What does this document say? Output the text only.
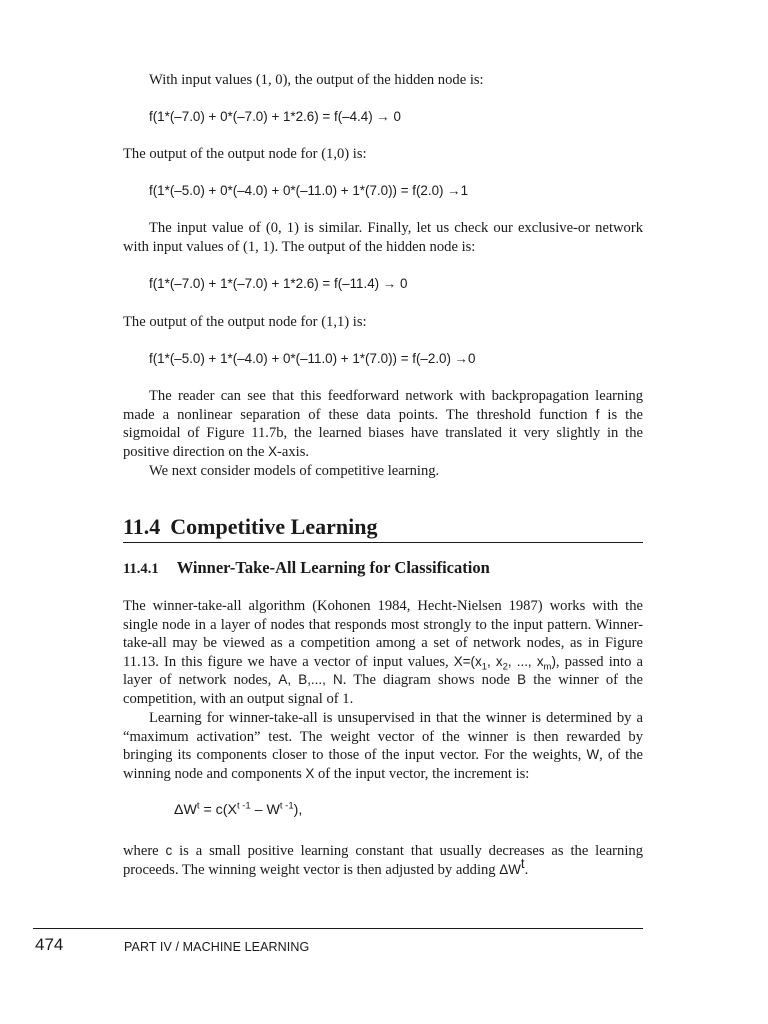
With input values (1, 0), the output of the hidden node is:

f(1*(–7.0) + 0*(–7.0) + 1*2.6) = f(–4.4) → 0

The output of the output node for (1,0) is:

f(1*(–5.0) + 0*(–4.0) + 0*(–11.0) + 1*(7.0)) = f(2.0) →1

The input value of (0, 1) is similar. Finally, let us check our exclusive-or network with input values of (1, 1). The output of the hidden node is:

f(1*(–7.0) + 1*(–7.0) + 1*2.6) = f(–11.4) → 0

The output of the output node for (1,1) is:

f(1*(–5.0) + 1*(–4.0) + 0*(–11.0) + 1*(7.0)) = f(–2.0) →0

The reader can see that this feedforward network with backpropagation learning made a nonlinear separation of these data points. The threshold function f is the sigmoidal of Figure 11.7b, the learned biases have translated it very slightly in the positive direction on the X-axis.

We next consider models of competitive learning.

11.4 Competitive Learning
11.4.1 Winner-Take-All Learning for Classification

The winner-take-all algorithm (Kohonen 1984, Hecht-Nielsen 1987) works with the single node in a layer of nodes that responds most strongly to the input pattern. Winner-take-all may be viewed as a competition among a set of network nodes, as in Figure 11.13. In this figure we have a vector of input values, $X=(x_1$, $x_2$, ..., $x_m$), passed into a layer of network nodes, A, B,..., N. The diagram shows node B the winner of the competition, with an output signal of 1.

Learning for winner-take-all is unsupervised in that the winner is determined by a “maximum activation” test. The weight vector of the winner is then rewarded by bringing its components closer to those of the input vector. For the weights, W, of the winning node and components X of the input vector, the increment is:

$\Delta W^t = c(X^{t -1} - W^{t -1})$,

where c is a small positive learning constant that usually decreases as the learning proceeds. The winning weight vector is then adjusted by adding $\Delta W^t$.

474	PART IV / MACHINE LEARNING
